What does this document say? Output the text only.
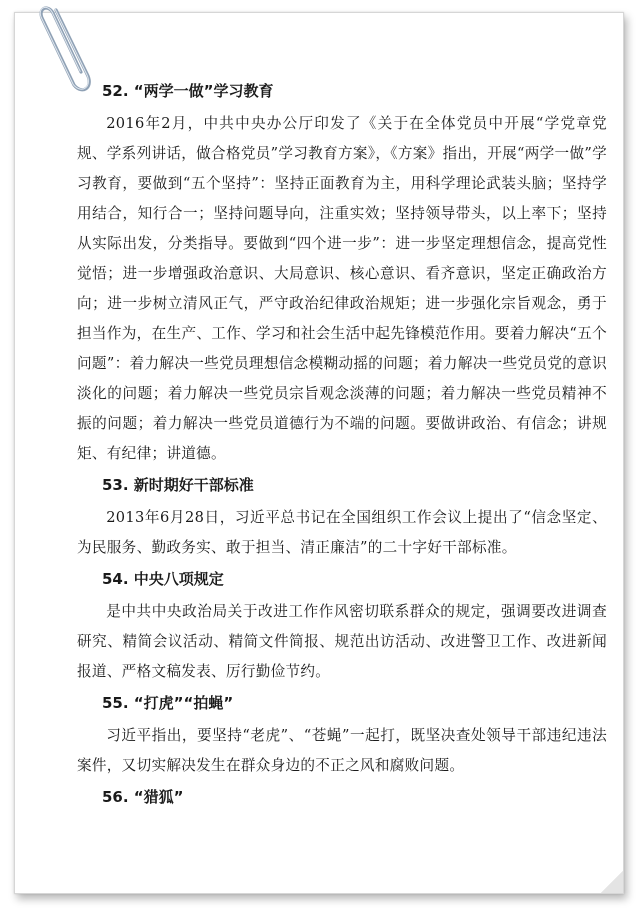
52. “两学一做”学习教育

2016年2月，中共中央办公厅印发了《关于在全体党员中开展“学党章党规、学系列讲话，做合格党员”学习教育方案》，《方案》指出，开展“两学一做”学习教育，要做到“五个坚持”：坚持正面教育为主，用科学理论武装头脑；坚持学用结合，知行合一；坚持问题导向，注重实效；坚持领导带头，以上率下；坚持从实际出发，分类指导。要做到“四个进一步”：进一步坚定理想信念，提高党性觉悟；进一步增强政治意识、大局意识、核心意识、看齐意识，坚定正确政治方向；进一步树立清风正气，严守政治纪律政治规矩；进一步强化宗旨观念，勇于担当作为，在生产、工作、学习和社会生活中起先锋模范作用。要着力解决“五个问题”：着力解决一些党员理想信念模糊动摇的问题；着力解决一些党员党的意识淡化的问题；着力解决一些党员宗旨观念淡薄的问题；着力解决一些党员精神不振的问题；着力解决一些党员道德行为不端的问题。要做讲政治、有信念；讲规矩、有纪律；讲道德。

53. 新时期好干部标准

2013年6月28日，习近平总书记在全国组织工作会议上提出了“信念坚定、为民服务、勤政务实、敢于担当、清正廉洁”的二十字好干部标准。

54. 中央八项规定

是中共中央政治局关于改进工作作风密切联系群众的规定，强调要改进调查研究、精简会议活动、精简文件简报、规范出访活动、改进警卫工作、改进新闻报道、严格文稿发表、厉行勤俭节约。

55. “打虎”“拍蝇”

习近平指出，要坚持“老虎”、“苍蝇”一起打，既坚决查处领导干部违纪违法案件，又切实解决发生在群众身边的不正之风和腐败问题。

56. “猎狐”
